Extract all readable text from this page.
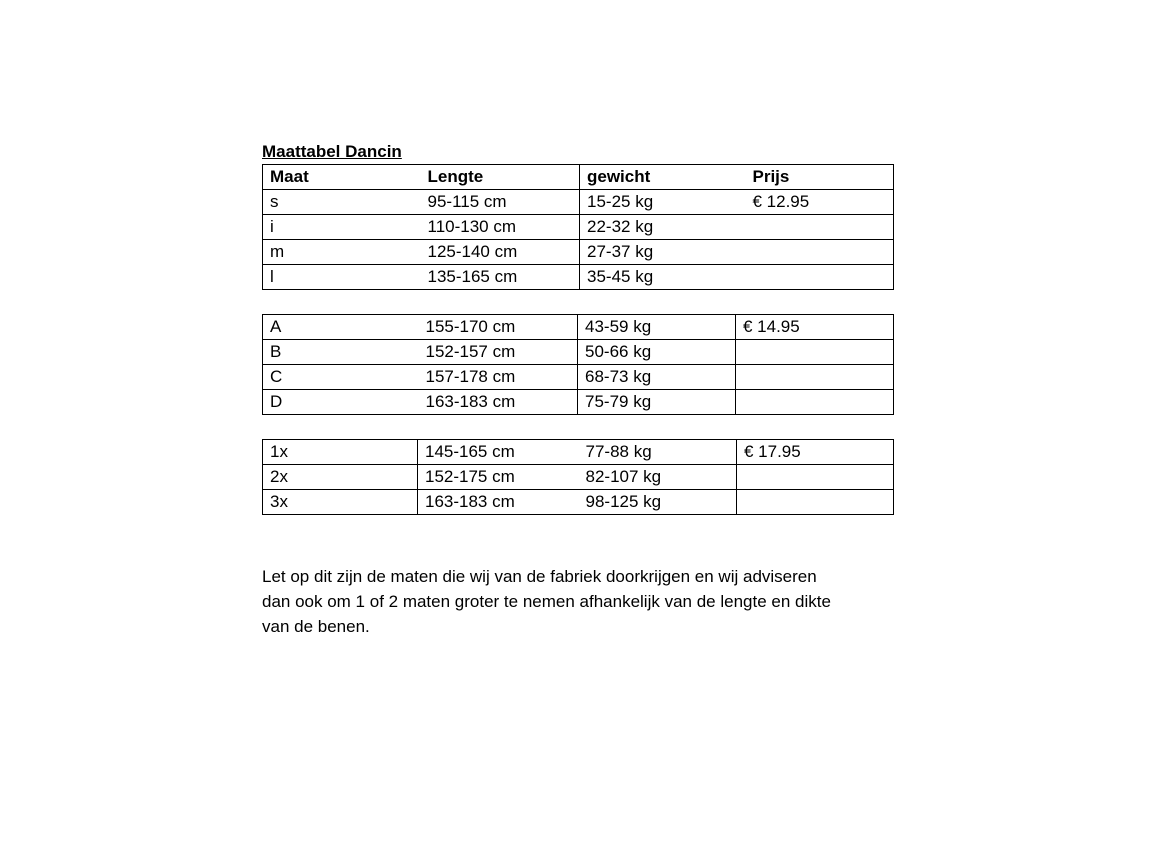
Maattabel Dancin
Maat	Lengte	gewicht	Prijs
s	95-115 cm	15-25 kg	€ 12.95
i	110-130 cm	22-32 kg	
m	125-140 cm	27-37 kg	
l	135-165 cm	35-45 kg	
A	155-170 cm	43-59 kg	€ 14.95
B	152-157 cm	50-66 kg	
C	157-178 cm	68-73 kg	
D	163-183 cm	75-79 kg	
1x	145-165 cm	77-88 kg	€ 17.95
2x	152-175 cm	82-107 kg	
3x	163-183 cm	98-125 kg	
Let op dit zijn de maten die wij van de fabriek doorkrijgen en wij adviseren
dan ook om 1 of 2 maten groter te nemen afhankelijk van de lengte en dikte
van de benen.
